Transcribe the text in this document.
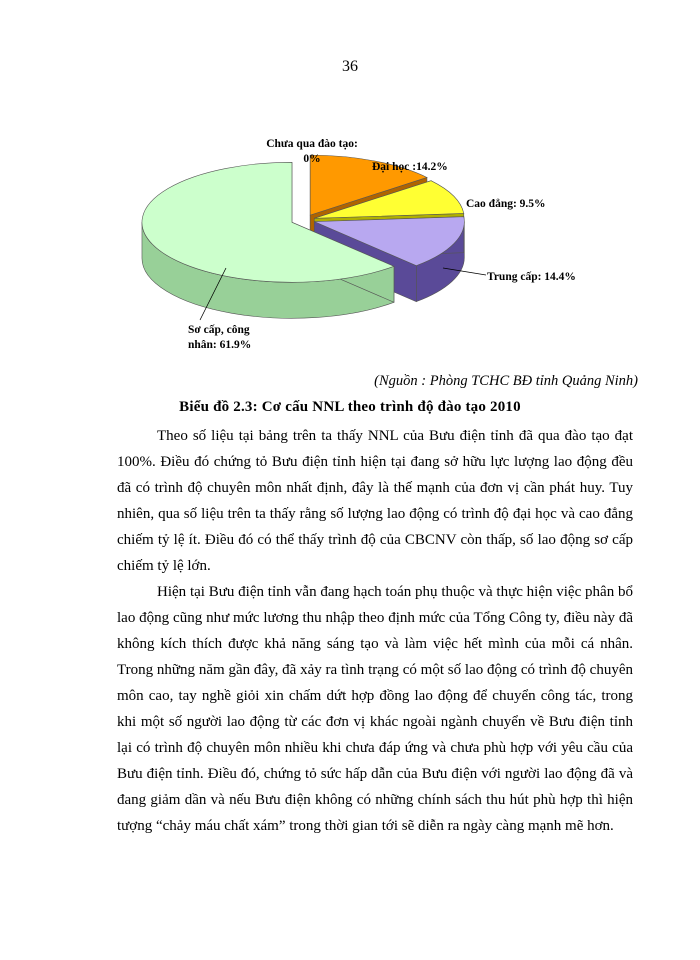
36
Chưa qua đào tạo:
0%
Đại học :14.2%
Cao đẳng: 9.5%
Trung cấp: 14.4%
Sơ cấp, công
nhân: 61.9%
(Nguồn : Phòng TCHC BĐ tỉnh Quảng Ninh)
Biểu đồ 2.3: Cơ cấu NNL theo trình độ đào tạo 2010

Theo số liệu tại bảng trên ta thấy NNL của Bưu điện tỉnh đã qua đào tạo đạt 100%. Điều đó chứng tỏ Bưu điện tỉnh hiện tại đang sở hữu lực lượng lao động đều đã có trình độ chuyên môn nhất định, đây là thế mạnh của đơn vị cần phát huy. Tuy nhiên, qua số liệu trên ta thấy rằng số lượng lao động có trình độ đại học và cao đẳng chiếm tỷ lệ ít. Điều đó có thể thấy trình độ của CBCNV còn thấp, số lao động sơ cấp chiếm tỷ lệ lớn.

Hiện tại Bưu điện tỉnh vẫn đang hạch toán phụ thuộc và thực hiện việc phân bổ lao động cũng như mức lương thu nhập theo định mức của Tổng Công ty, điều này đã không kích thích được khả năng sáng tạo và làm việc hết mình của mỗi cá nhân. Trong những năm gần đây, đã xảy ra tình trạng có một số lao động có trình độ chuyên môn cao, tay nghề giỏi xin chấm dứt hợp đồng lao động để chuyển công tác, trong khi một số người lao động từ các đơn vị khác ngoài ngành chuyển về Bưu điện tỉnh lại có trình độ chuyên môn nhiều khi chưa đáp ứng và chưa phù hợp với yêu cầu của Bưu điện tỉnh. Điều đó, chứng tỏ sức hấp dẫn của Bưu điện với người lao động đã và đang giảm dần và nếu Bưu điện không có những chính sách thu hút phù hợp thì hiện tượng “chảy máu chất xám” trong thời gian tới sẽ diễn ra ngày càng mạnh mẽ hơn.
